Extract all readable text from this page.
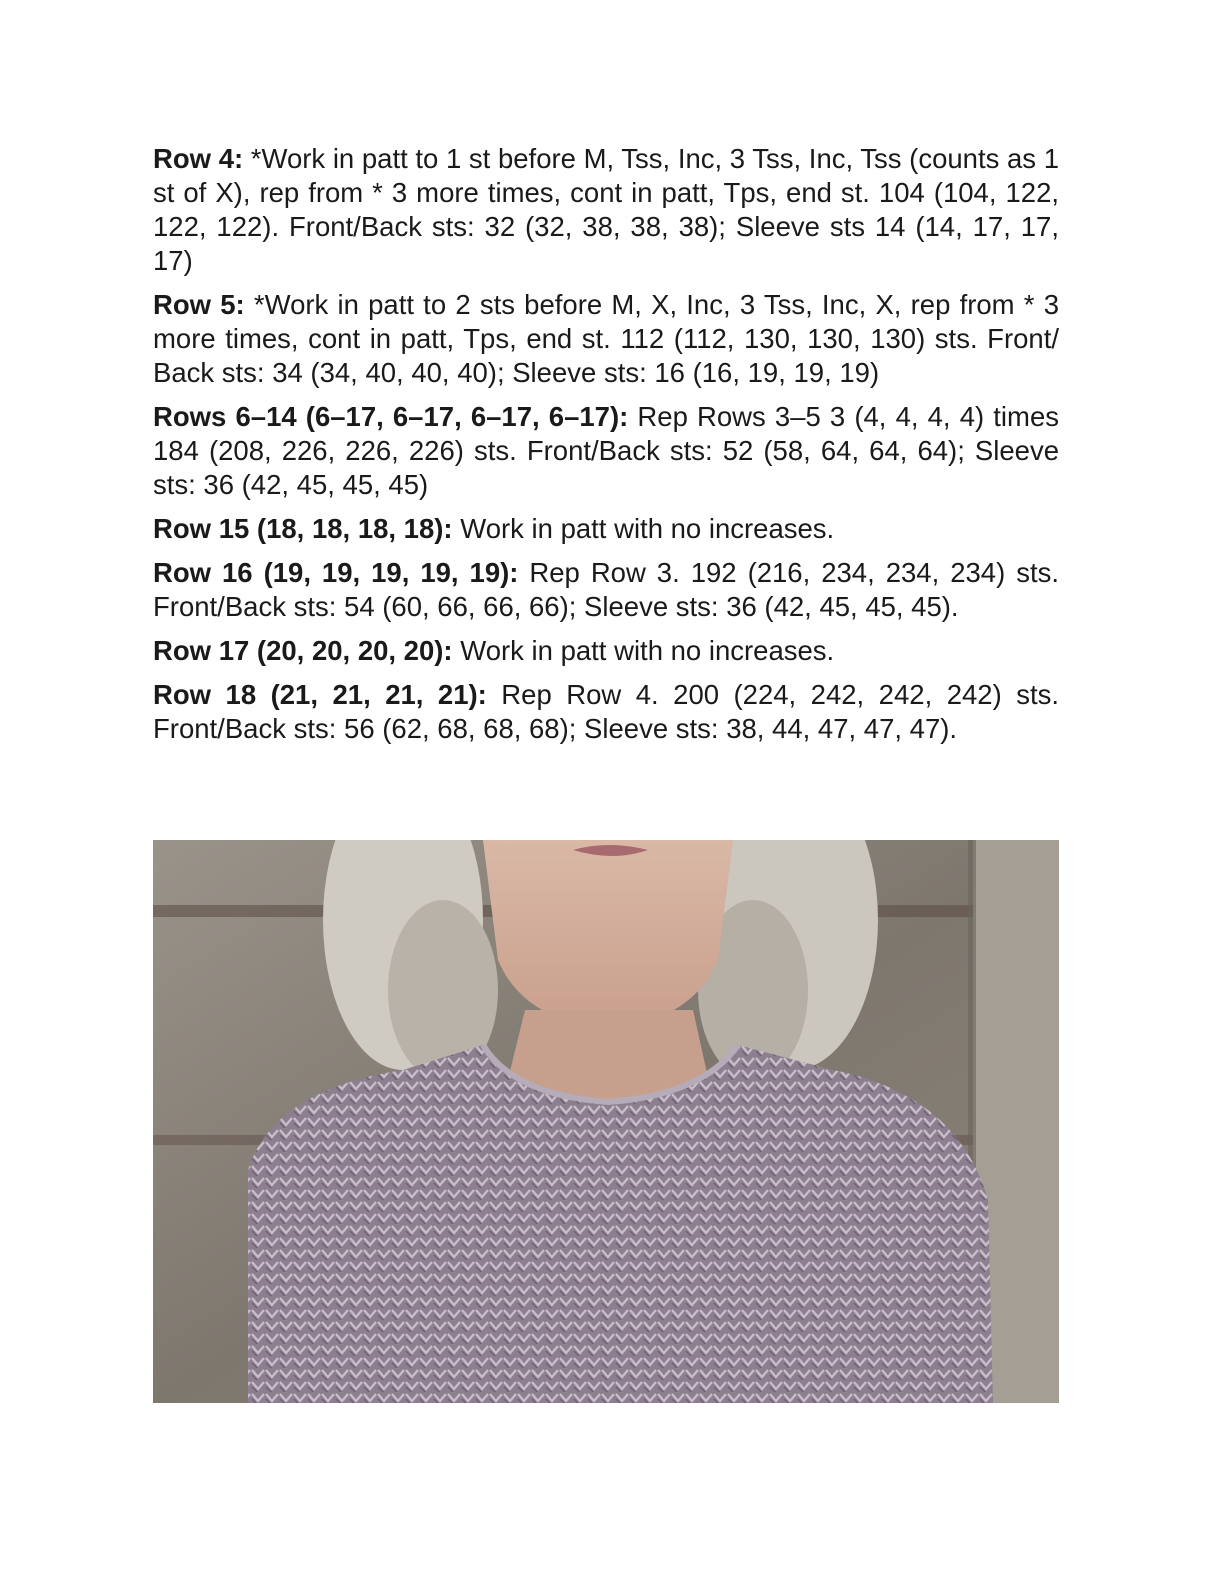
Row 4: *Work in patt to 1 st before M, Tss, Inc, 3 Tss, Inc, Tss (counts as 1 st of X), rep from * 3 more times, cont in patt, Tps, end st. 104 (104, 122, 122, 122). Front/Back sts: 32 (32, 38, 38, 38); Sleeve sts 14 (14, 17, 17, 17)

Row 5: *Work in patt to 2 sts before M, X, Inc, 3 Tss, Inc, X, rep from * 3 more times, cont in patt, Tps, end st. 112 (112, 130, 130, 130) sts. Front/ Back sts: 34 (34, 40, 40, 40); Sleeve sts: 16 (16, 19, 19, 19)

Rows 6–14 (6–17, 6–17, 6–17, 6–17): Rep Rows 3–5 3 (4, 4, 4, 4) times 184 (208, 226, 226, 226) sts. Front/Back sts: 52 (58, 64, 64, 64); Sleeve sts: 36 (42, 45, 45, 45)

Row 15 (18, 18, 18, 18): Work in patt with no increases.

Row 16 (19, 19, 19, 19, 19): Rep Row 3. 192 (216, 234, 234, 234) sts. Front/Back sts: 54 (60, 66, 66, 66); Sleeve sts: 36 (42, 45, 45, 45).

Row 17 (20, 20, 20, 20): Work in patt with no increases.

Row 18 (21, 21, 21, 21): Rep Row 4. 200 (224, 242, 242, 242) sts. Front/Back sts: 56 (62, 68, 68, 68); Sleeve sts: 38, 44, 47, 47, 47).
